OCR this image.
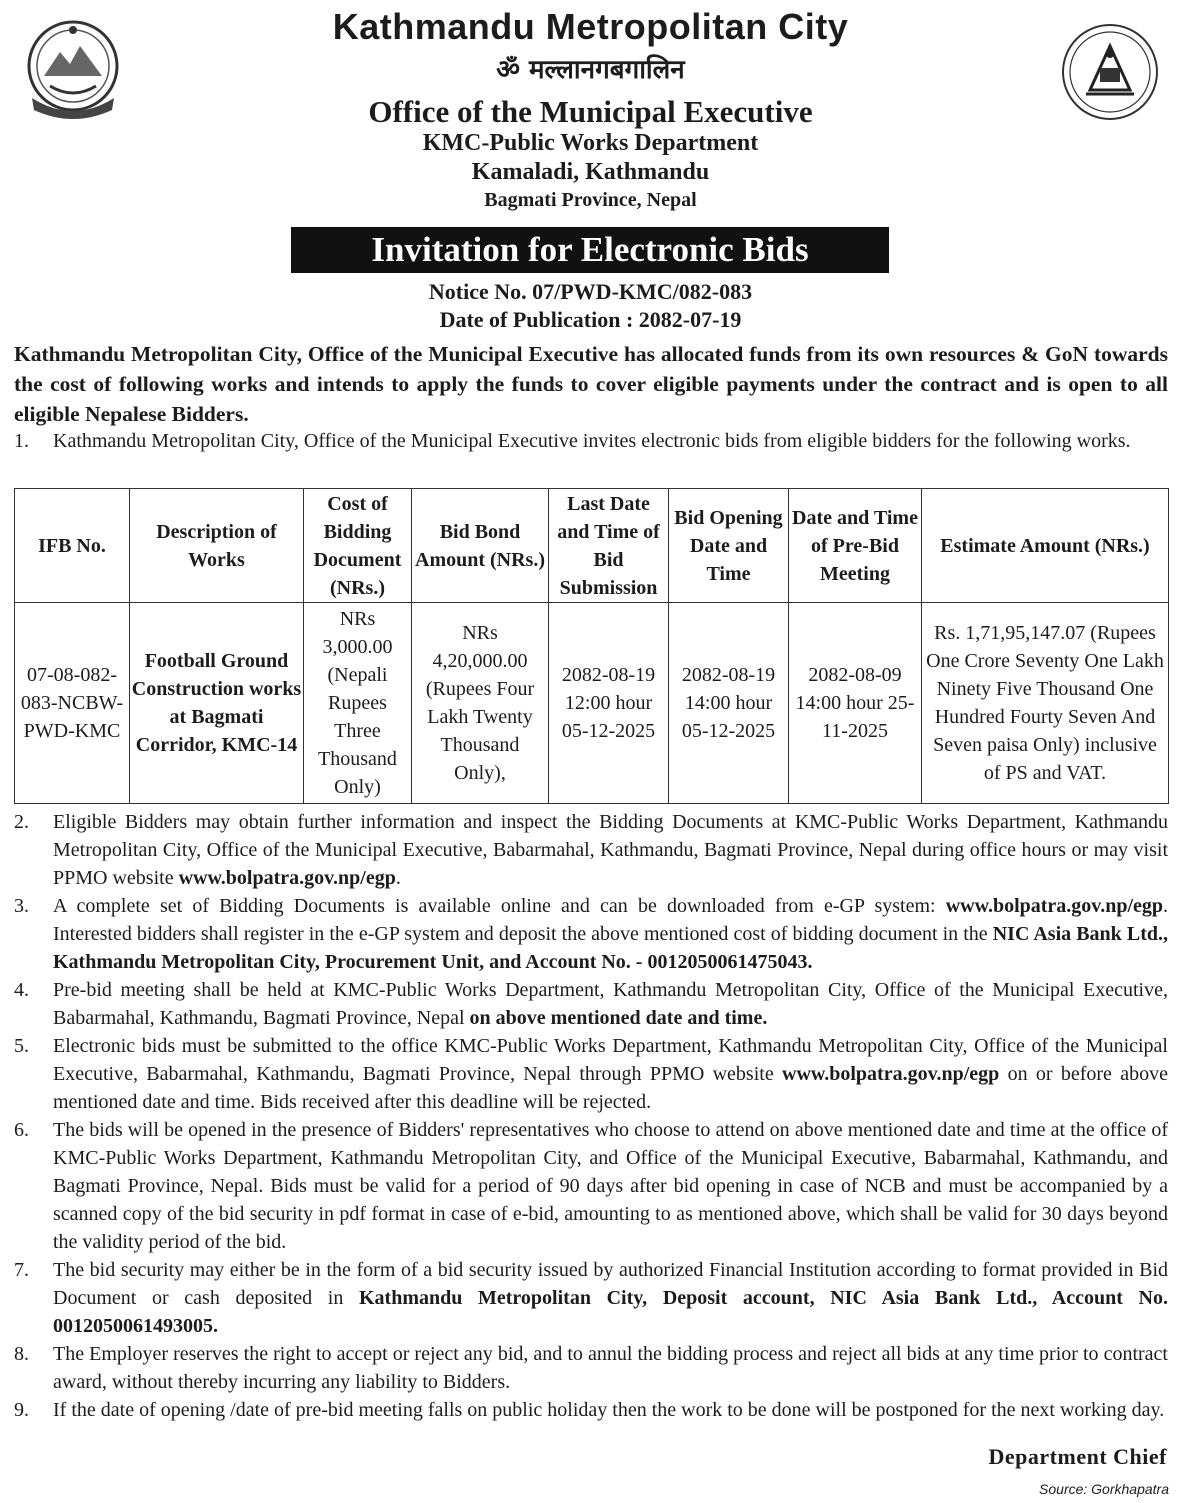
Kathmandu Metropolitan City
ॐ मल्लानगबगालिन
Office of the Municipal Executive
KMC-Public Works Department
Kamaladi, Kathmandu
Bagmati Province, Nepal
Invitation for Electronic Bids
Notice No. 07/PWD-KMC/082-083
Date of Publication : 2082-07-19
Kathmandu Metropolitan City, Office of the Municipal Executive has allocated funds from its own resources & GoN towards the cost of following works and intends to apply the funds to cover eligible payments under the contract and is open to all eligible Nepalese Bidders.

1.	Kathmandu Metropolitan City, Office of the Municipal Executive invites electronic bids from eligible bidders for the following works.

IFB No.	Description of Works	Cost of Bidding Document (NRs.)	Bid Bond Amount (NRs.)	Last Date and Time of Bid Submission	Bid Opening Date and Time	Date and Time of Pre-Bid Meeting	Estimate Amount (NRs.)
07-08-082-083-NCBW-PWD-KMC	Football Ground Construction works at Bagmati Corridor, KMC-14	NRs 3,000.00 (Nepali Rupees Three Thousand Only)	NRs 4,20,000.00 (Rupees Four Lakh Twenty Thousand Only),	2082-08-19 12:00 hour 05-12-2025	2082-08-19 14:00 hour 05-12-2025	2082-08-09 14:00 hour 25-11-2025	Rs. 1,71,95,147.07 (Rupees One Crore Seventy One Lakh Ninety Five Thousand One Hundred Fourty Seven And Seven paisa Only) inclusive of PS and VAT.

2.	Eligible Bidders may obtain further information and inspect the Bidding Documents at KMC-Public Works Department, Kathmandu Metropolitan City, Office of the Municipal Executive, Babarmahal, Kathmandu, Bagmati Province, Nepal during office hours or may visit PPMO website www.bolpatra.gov.np/egp.

3.	A complete set of Bidding Documents is available online and can be downloaded from e-GP system: www.bolpatra.gov.np/egp. Interested bidders shall register in the e-GP system and deposit the above mentioned cost of bidding document in the NIC Asia Bank Ltd., Kathmandu Metropolitan City, Procurement Unit, and Account No. - 0012050061475043.

4.	Pre-bid meeting shall be held at KMC-Public Works Department, Kathmandu Metropolitan City, Office of the Municipal Executive, Babarmahal, Kathmandu, Bagmati Province, Nepal on above mentioned date and time.

5.	Electronic bids must be submitted to the office KMC-Public Works Department, Kathmandu Metropolitan City, Office of the Municipal Executive, Babarmahal, Kathmandu, Bagmati Province, Nepal through PPMO website www.bolpatra.gov.np/egp on or before above mentioned date and time. Bids received after this deadline will be rejected.

6.	The bids will be opened in the presence of Bidders' representatives who choose to attend on above mentioned date and time at the office of KMC-Public Works Department, Kathmandu Metropolitan City, and Office of the Municipal Executive, Babarmahal, Kathmandu, and Bagmati Province, Nepal. Bids must be valid for a period of 90 days after bid opening in case of NCB and must be accompanied by a scanned copy of the bid security in pdf format in case of e-bid, amounting to as mentioned above, which shall be valid for 30 days beyond the validity period of the bid.

7.	The bid security may either be in the form of a bid security issued by authorized Financial Institution according to format provided in Bid Document or cash deposited in Kathmandu Metropolitan City, Deposit account, NIC Asia Bank Ltd., Account No. 0012050061493005.

8.	The Employer reserves the right to accept or reject any bid, and to annul the bidding process and reject all bids at any time prior to contract award, without thereby incurring any liability to Bidders.

9.	If the date of opening /date of pre-bid meeting falls on public holiday then the work to be done will be postponed for the next working day.

Department Chief
Source: Gorkhapatra
